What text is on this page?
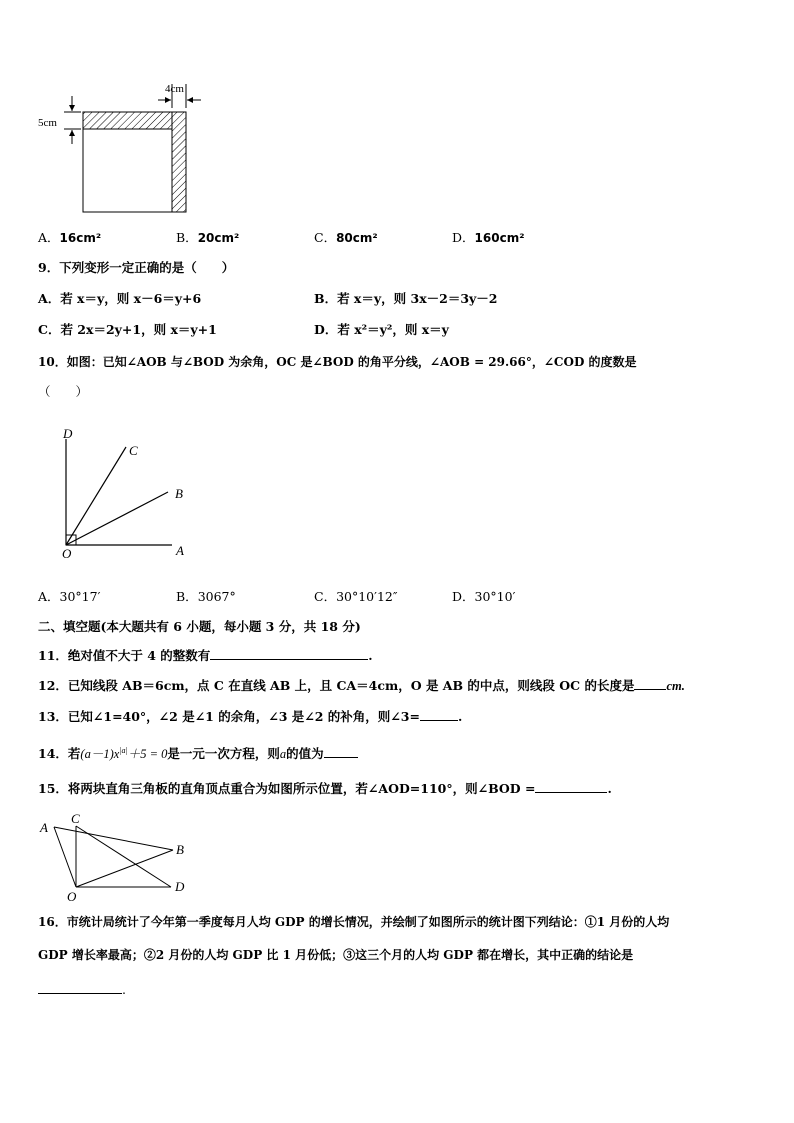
4cm
5cm
A．16cm²	B．20cm²	C．80cm²	D．160cm²
9．下列变形一定正确的是（　　）
A．若 x＝y，则 x－6＝y+6	B．若 x＝y，则 3x－2＝3y－2
C．若 2x＝2y+1，则 x＝y+1	D．若 x²＝y²，则 x＝y
10．如图：已知∠AOB 与∠BOD 为余角，OC 是∠BOD 的角平分线，∠AOB = 29.66°，∠COD 的度数是
（　　）
D
C
B
O	A
A．30°17′	B．3067°	C．30°10′12″	D．30°10′
二、填空题(本大题共有 6 小题，每小题 3 分，共 18 分)
11．绝对值不大于 4 的整数有	.
12．已知线段 AB＝6cm，点 C 在直线 AB 上，且 CA＝4cm，O 是 AB 的中点，则线段 OC 的长度是	cm.
13．已知∠1=40°，∠2 是∠1 的余角，∠3 是∠2 的补角，则∠3=	.
14．若$(a-1)x^{|a|}+5 = 0$是一元一次方程，则a的值为
15．将两块直角三角板的直角顶点重合为如图所示位置，若∠AOD=110°，则∠BOD =	.
A
C
B
O
D
16．市统计局统计了今年第一季度每月人均 GDP 的增长情况，并绘制了如图所示的统计图下列结论：①1 月份的人均
GDP 增长率最高；②2 月份的人均 GDP 比 1 月份低；③这三个月的人均 GDP 都在增长，其中正确的结论是
.
